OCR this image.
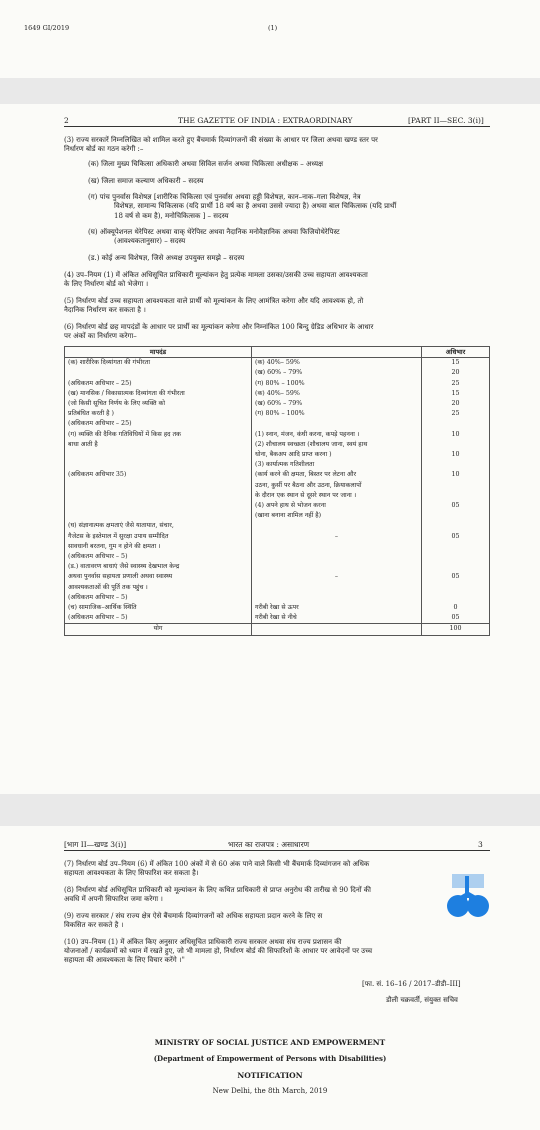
1649 GI/2019	(1)
2	THE GAZETTE OF INDIA : EXTRAORDINARY	[PART II—SEC. 3(i)]
(3) राज्य सरकारें निम्नलिखित को शामिल करते हुए बैंचमार्क दिव्यांगजनों की संख्या के आधार पर जिला अथवा खण्ड स्तर पर
निर्धारण बोर्ड का गठन करेगी :–
(क) जिला मुख्य चिकित्सा अधिकारी अथवा सिविल सर्जन अथवा चिकित्सा अधीक्षक – अध्यक्ष
(ख) जिला समाज कल्याण अधिकारी – सदस्य
(ग) पांच पुनर्वास विशेषज्ञ [शारीरिक चिकित्सा एवं पुनर्वास अथवा हड्डी विशेषज्ञ, कान–नाक–गला विशेषज्ञ, नेत्र
विशेषज्ञ, सामान्य चिकित्सक (यदि प्रार्थी 18 वर्ष का है अथवा उससे ज्यादा है) अथवा बाल चिकित्सक (यदि प्रार्थी
18 वर्ष से कम है), मनोचिकित्सक ] – सदस्य
(घ) ऑक्यूपेशनल थेरेपिस्ट अथवा वाक् थेरेपिस्ट अथवा नैदानिक मनोवैज्ञानिक अथवा फिजियोथेरेपिस्ट
(आवश्यकतानुसार) – सदस्य
(ड.) कोई अन्य विशेषज्ञ, जिसे अध्यक्ष उपयुक्त समझे – सदस्य
(4) उप–नियम (1) में अंकित अधिसूचित प्राधिकारी मूल्यांकन हेतु प्रत्येक मामला उसका/उसकी उच्च सहायता आवश्यकता
के लिए निर्धारण बोर्ड को भेजेगा ।
(5) निर्धारण बोर्ड उच्च सहायता आवश्यकता वाले प्रार्थी को मूल्यांकन के लिए आमंत्रित करेगा और यदि आवश्यक हो, तो
नैदानिक निर्धारण कर सकता है ।
(6) निर्धारण बोर्ड छह मापदंडों के आधार पर प्रार्थी का मूल्यांकन करेगा और निम्नांकित 100 बिन्दु ग्रेडिड अधिभार के आधार
पर अंकों का निर्धारण करेगा–
मापदंड		अधिभार
(क) शारीरिक दिव्यांगता की गंभीरता	(क) 40%– 59%	15
	(ख) 60% – 79%	20
(अधिकतम अधिभार – 25)	(ग) 80% – 100%	25
(ख) मानसिक / विकासात्मक दिव्यांगता की गंभीरता	(क) 40%– 59%	15
(जो किसी सूचित निर्णय के लिए व्यक्ति को	(ख) 60% – 79%	20
प्रतिबंधित करती है )	(ग) 80% – 100%	25
(अधिकतम अधिभार – 25)		
(ग) व्यक्ति की दैनिक गतिविधियों में किस हद तक	(1) स्नान, मंजन, कंघी करना, कपड़े पहनना ।	10
बाधा आती है	(2) शौचालय स्वच्छता (शौचालय जाना, स्वयं हाथ	
	धोना, बैकअप आदि प्राप्त करना )	10
	(3) कार्यात्मक गतिशीलता	
(अधिकतम अधिभार 35)	(कार्य करने की क्षमता, बिस्तर पर लेटना और	10
	उठना, कुर्सी पर बैठना और उठना, क्रियाकलापों	
	के दौरान एक स्थान से दूसरे स्थान पर जाना ।	
	(4) अपने हाथ से भोजन करना	05
	(खाना बनाना शामिल नहीं है)	
(घ) संज्ञानात्मक क्षमताएं जैसे यातायात, संचार,		
गैजेटस के इस्तेमाल में सुरक्षा उपाय सम्मीदित	–	05
सावधानी बरतना, गुम न होने की क्षमता ।		
(अधिकतम अधिभार – 5)		
(ड.) वातावरण बाधाएं जैसे स्वास्थ्य देखभाल केन्द्र		
अथवा पुनर्वास सहायता प्रणाली अथवा स्वास्थ्य	–	05
आवश्यकताओं की पूर्ति तक पहुंच ।		
(अधिकतम अधिभार – 5)		
(च) सामाजिक–आर्थिक स्थिति	गरीबी रेखा से ऊपर	0
(अधिकतम अधिभार – 5)	गरीबी रेखा से नीचे	05
योग		100
[भाग II—खण्ड 3(i)]	भारत का राजपत्र : असाधारण	3
(7) निर्धारण बोर्ड उप–नियम (6) में अंकित 100 अंकों में से 60 अंक पाने वाले किसी भी बैंचमार्क दिव्यांगजन को अधिक
सहायता आवश्यकता के लिए सिफारिश कर सकता है।
(8) निर्धारण बोर्ड अधिसूचित प्राधिकारी को मूल्यांकन के लिए कथित प्राधिकारी से प्राप्त अनुरोध की तारीख से 90 दिनों की
अवधि में अपनी सिफारिश जमा करेगा ।
(9) राज्य सरकार / संघ राज्य क्षेत्र ऐसे बैंचमार्क दिव्यांगजनों को अधिक सहायता प्रदान करने के लिए स
विकसित कर सकते है ।
(10) उप–नियम (1) में अंकित किए अनुसार अधिसूचित प्राधिकारी राज्य सरकार अथवा संघ राज्य प्रशासन की
योजनाओं / कार्यक्रमों को ध्यान में रखते हुए, जो भी मामला हो, निर्धारण बोर्ड की सिफारिशों के आधार पर आवेदनों पर उच्च
सहायता की आवश्यकता के लिए विचार करेंगे ।"
[फा. सं. 16–16 / 2017–डीडी–III]
डौली चक्रवर्ती, संयुक्त सचिव
MINISTRY OF SOCIAL JUSTICE AND EMPOWERMENT
(Department of Empowerment of Persons with Disabilities)
NOTIFICATION
New Delhi, the 8th March, 2019
